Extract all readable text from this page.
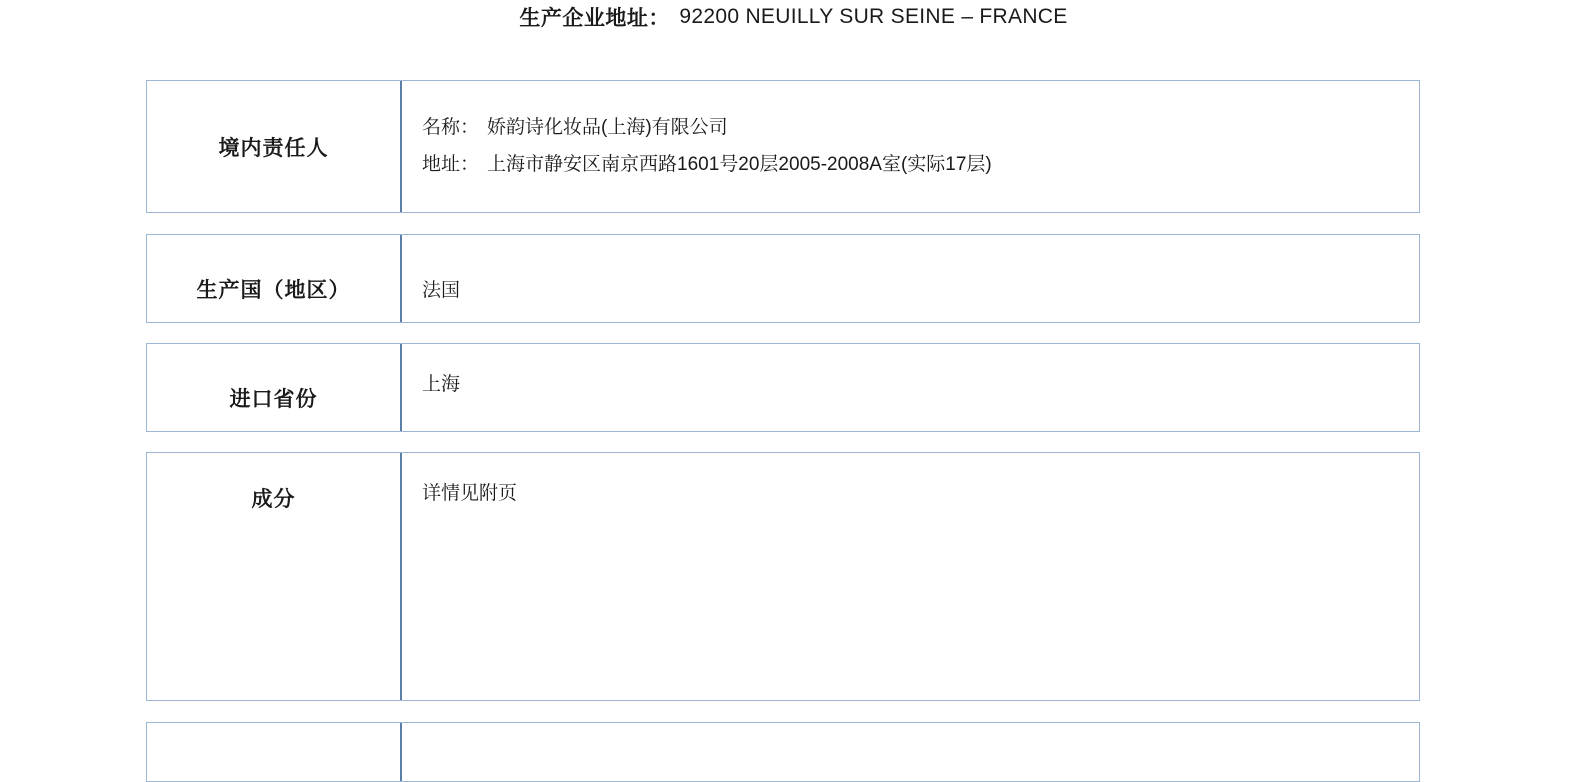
生产企业地址 ： 92200 NEUILLY SUR SEINE – FRANCE
境内责任人
名称 ： 娇韵诗化妆品(上海)有限公司
地址 ： 上海市静安区南京西路1601号20层2005-2008A室(实际17层)
生产国（地区）	法国
进口省份
上海
成分	详情见附页
